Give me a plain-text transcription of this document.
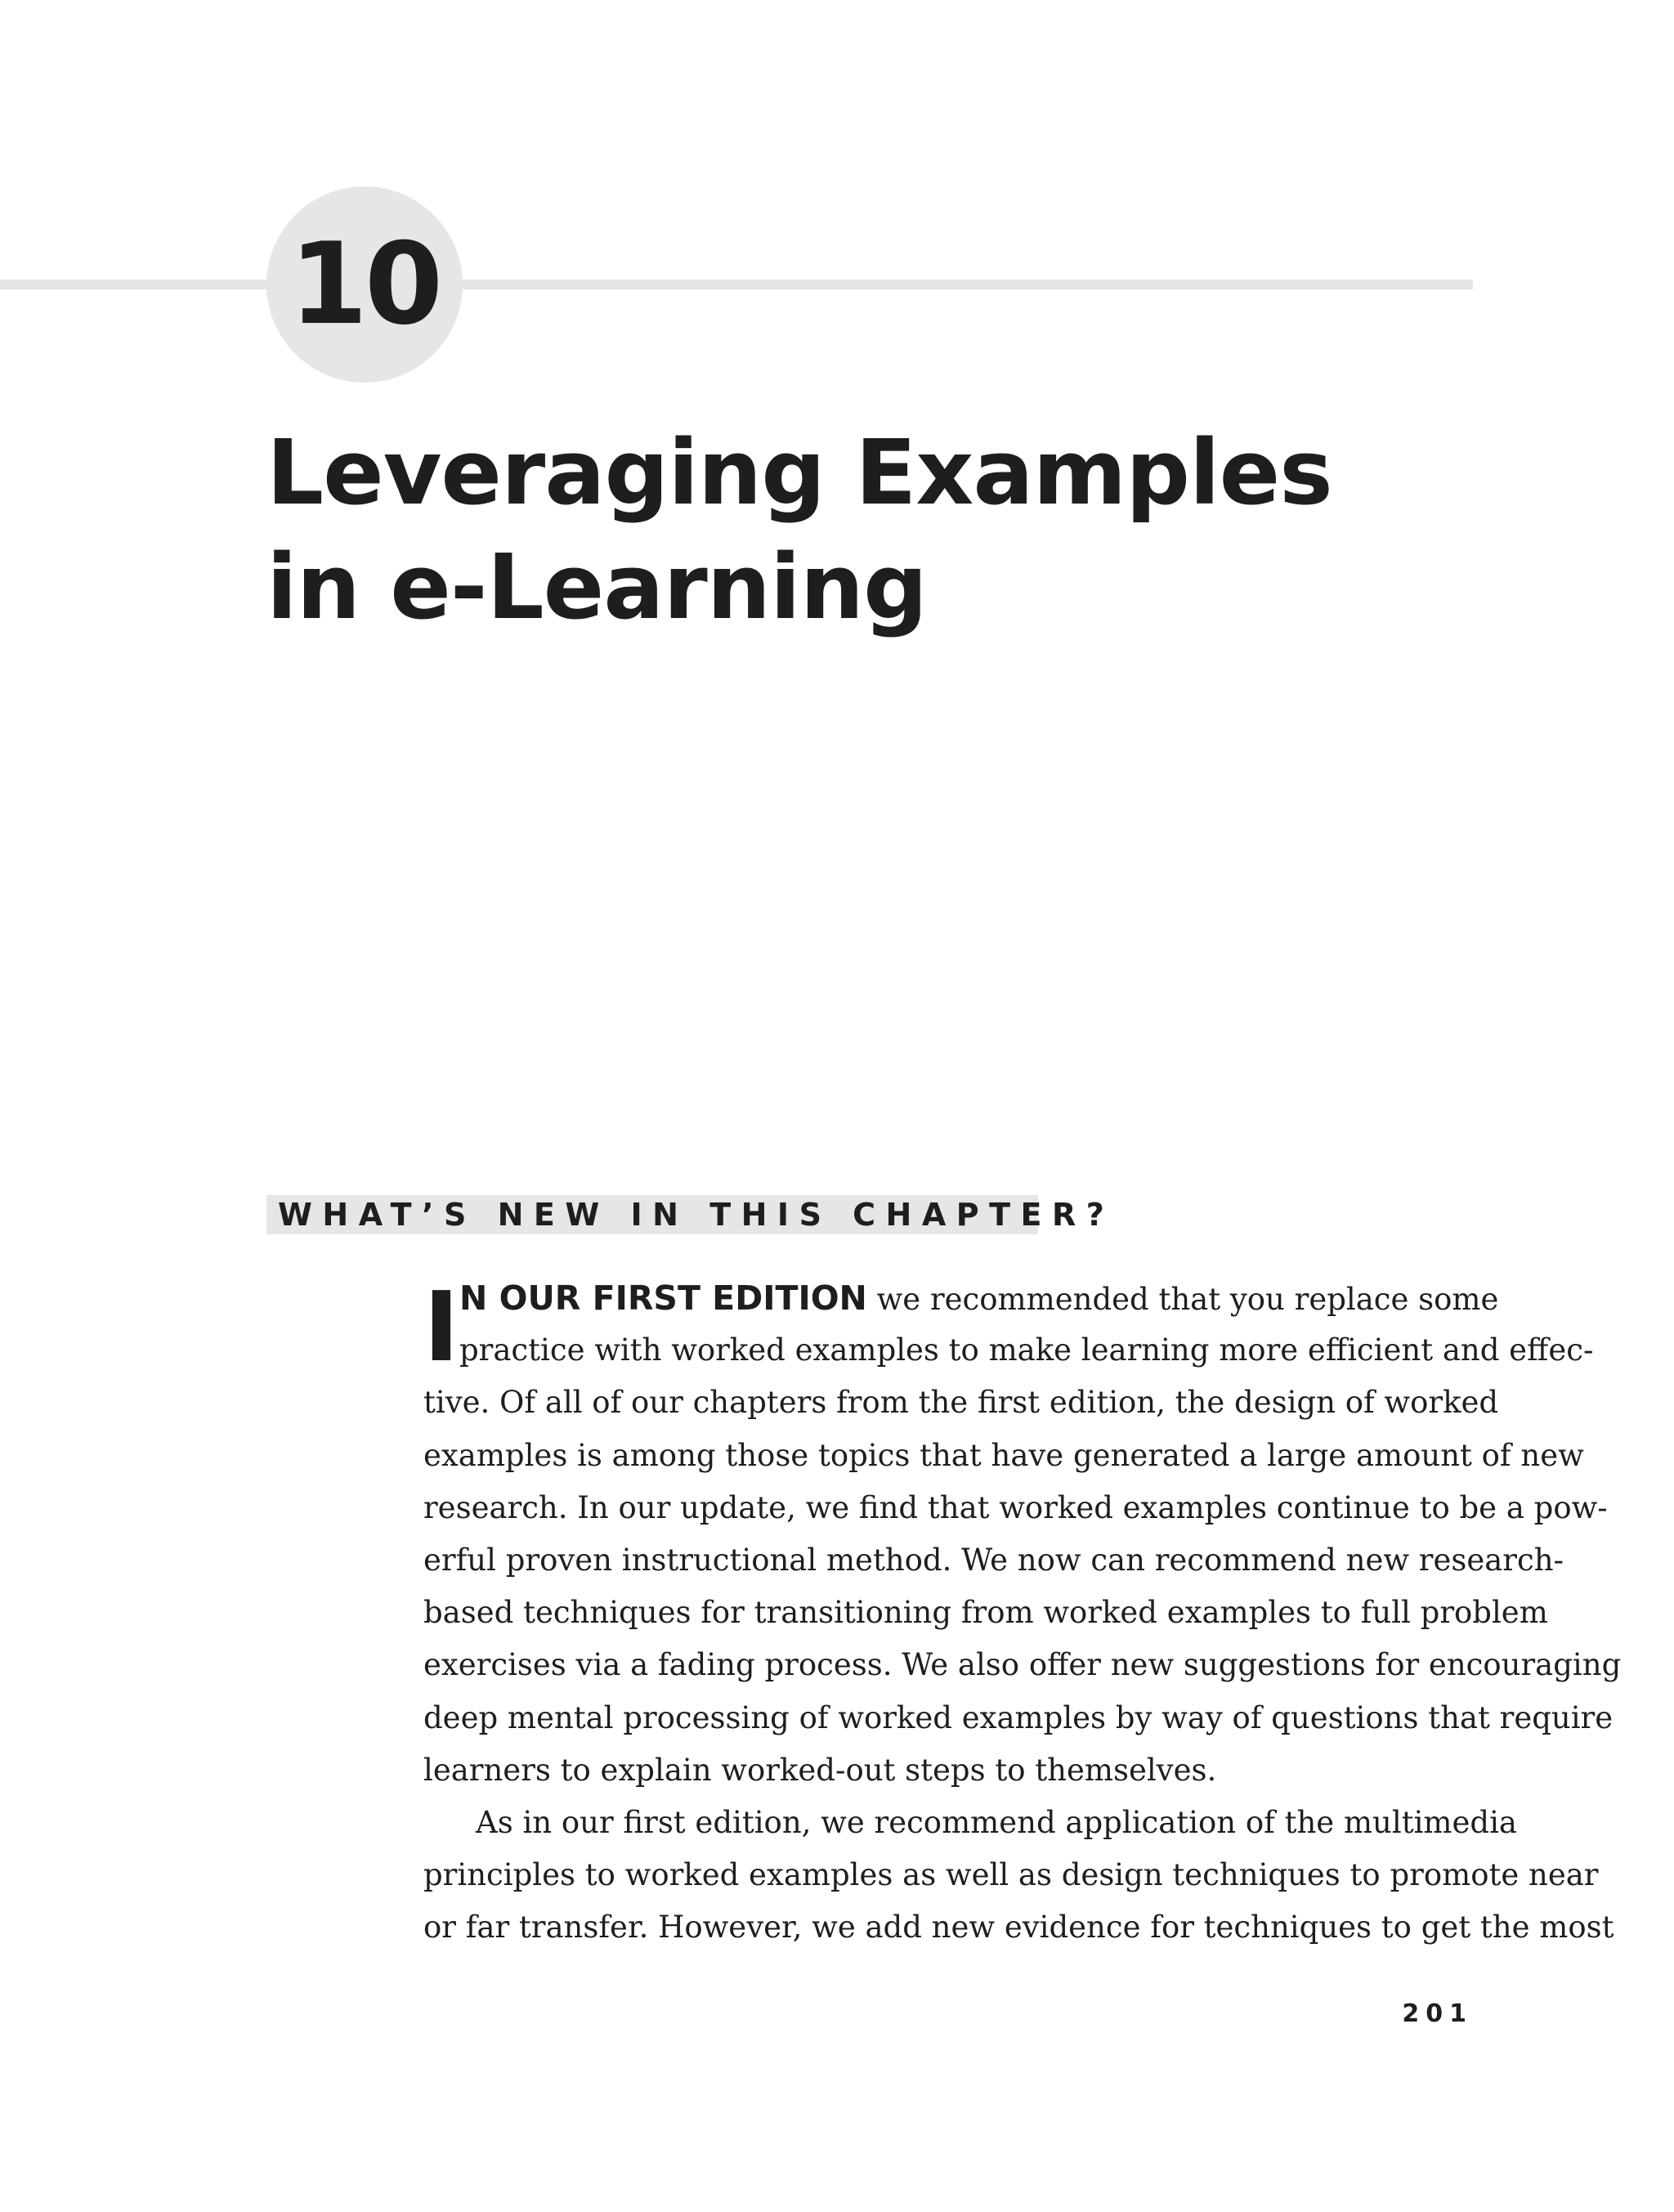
10
Leveraging Examples
in e-Learning
WHAT’S NEW IN THIS CHAPTER?
I N OUR FIRST EDITION we recommended that you replace some
practice with worked examples to make learning more efficient and effec-
tive. Of all of our chapters from the first edition, the design of worked
examples is among those topics that have generated a large amount of new
research. In our update, we find that worked examples continue to be a pow-
erful proven instructional method. We now can recommend new research-
based techniques for transitioning from worked examples to full problem
exercises via a fading process. We also offer new suggestions for encouraging
deep mental processing of worked examples by way of questions that require
learners to explain worked-out steps to themselves.
As in our first edition, we recommend application of the multimedia
principles to worked examples as well as design techniques to promote near
or far transfer. However, we add new evidence for techniques to get the most
201
